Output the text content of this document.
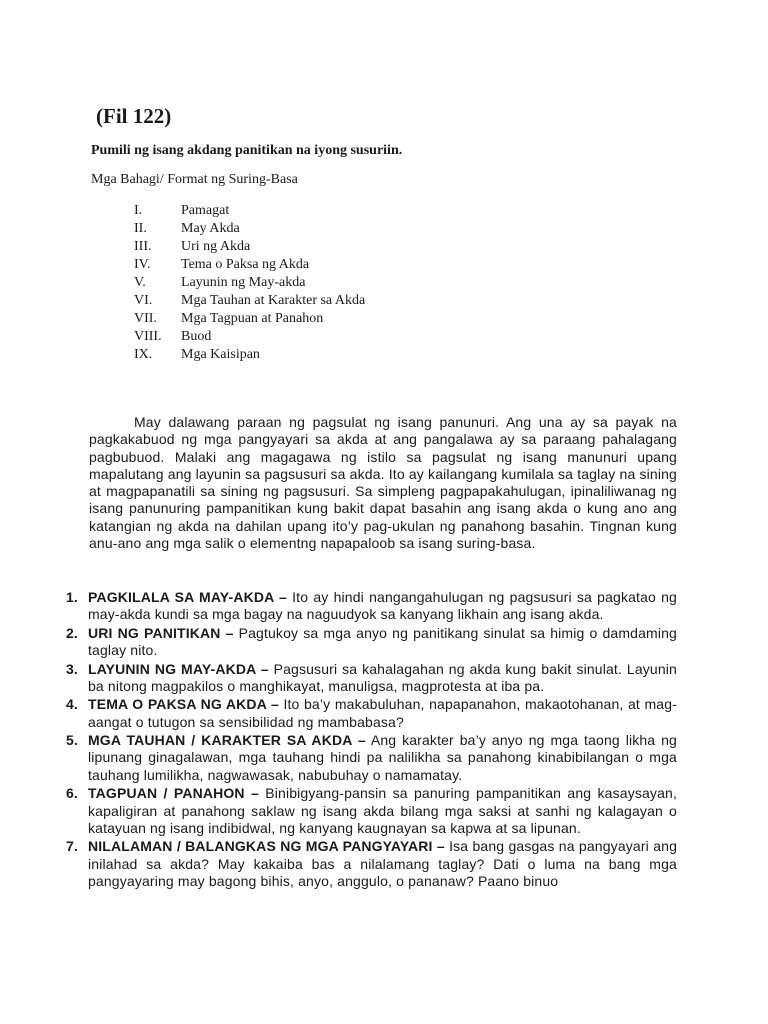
(Fil 122)
Pumili ng isang akdang panitikan na iyong susuriin.
Mga Bahagi/ Format ng Suring-Basa
I.	Pamagat
II.	May Akda
III.	Uri ng Akda
IV.	Tema o Paksa ng Akda
V.	Layunin ng May-akda
VI.	Mga Tauhan at Karakter sa Akda
VII.	Mga Tagpuan at Panahon
VIII.	Buod
IX.	Mga Kaisipan

May dalawang paraan ng pagsulat ng isang panunuri. Ang una ay sa payak na pagkakabuod ng mga pangyayari sa akda at ang pangalawa ay sa paraang pahalagang pagbubuod. Malaki ang magagawa ng istilo sa pagsulat ng isang manunuri upang mapalutang ang layunin sa pagsusuri sa akda. Ito ay kailangang kumilala sa taglay na sining at magpapanatili sa sining ng pagsusuri. Sa simpleng pagpapakahulugan, ipinaliliwanag ng isang panunuring pampanitikan kung bakit dapat basahin ang isang akda o kung ano ang katangian ng akda na dahilan upang ito’y pag-ukulan ng panahong basahin. Tingnan kung anu-ano ang mga salik o elementng napapaloob sa isang suring-basa.

1. PAGKILALA SA MAY-AKDA – Ito ay hindi nangangahulugan ng pagsusuri sa pagkatao ng may-akda kundi sa mga bagay na naguudyok sa kanyang likhain ang isang akda.
2. URI NG PANITIKAN – Pagtukoy sa mga anyo ng panitikang sinulat sa himig o damdaming taglay nito.
3. LAYUNIN NG MAY-AKDA – Pagsusuri sa kahalagahan ng akda kung bakit sinulat. Layunin ba nitong magpakilos o manghikayat, manuligsa, magprotesta at iba pa.
4. TEMA O PAKSA NG AKDA – Ito ba’y makabuluhan, napapanahon, makaotohanan, at mag-aangat o tutugon sa sensibilidad ng mambabasa?
5. MGA TAUHAN / KARAKTER SA AKDA – Ang karakter ba’y anyo ng mga taong likha ng lipunang ginagalawan, mga tauhang hindi pa nalilikha sa panahong kinabibilangan o mga tauhang lumilikha, nagwawasak, nabubuhay o namamatay.
6. TAGPUAN / PANAHON – Binibigyang-pansin sa panuring pampanitikan ang kasaysayan, kapaligiran at panahong saklaw ng isang akda bilang mga saksi at sanhi ng kalagayan o katayuan ng isang indibidwal, ng kanyang kaugnayan sa kapwa at sa lipunan.
7. NILALAMAN / BALANGKAS NG MGA PANGYAYARI – Isa bang gasgas na pangyayari ang inilahad sa akda? May kakaiba bas a nilalamang taglay? Dati o luma na bang mga pangyayaring may bagong bihis, anyo, anggulo, o pananaw? Paano binuo
